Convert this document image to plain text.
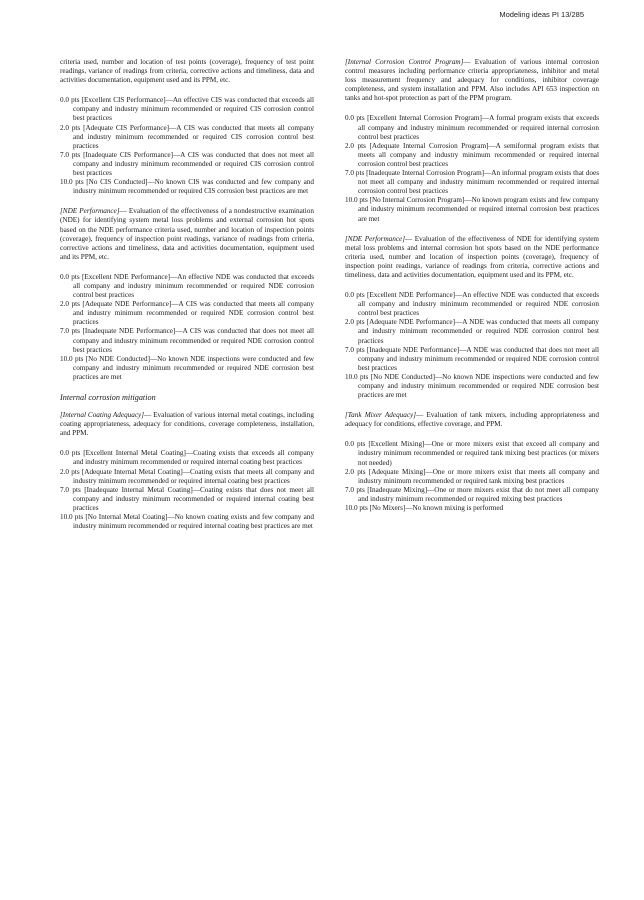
Modeling ideas PI 13/285

criteria used, number and location of test points (coverage), frequency of test point readings, variance of readings from criteria, corrective actions and timeliness, data and activities documentation, equipment used and its PPM, etc.

0.0 pts [Excellent CIS Performance]—An effective CIS was conducted that exceeds all company and industry minimum recommended or required CIS corrosion control best practices

2.0 pts [Adequate CIS Performance]—A CIS was conducted that meets all company and industry minimum recommended or required CIS corrosion control best practices

7.0 pts [Inadequate CIS Performance]—A CIS was conducted that does not meet all company and industry minimum recommended or required CIS corrosion control best practices

10.0 pts [No CIS Conducted]—No known CIS was conducted and few company and industry minimum recommended or required CIS corrosion best practices are met

[NDE Performance]— Evaluation of the effectiveness of a nondestructive examination (NDE) for identifying system metal loss problems and external corrosion hot spots based on the NDE performance criteria used, number and location of inspection points (coverage), frequency of inspection point readings, variance of readings from criteria, corrective actions and timeliness, data and activities documentation, equipment used and its PPM, etc.

0.0 pts [Excellent NDE Performance]—An effective NDE was conducted that exceeds all company and industry minimum recommended or required NDE corrosion control best practices

2.0 pts [Adequate NDE Performance]—A CIS was conducted that meets all company and industry minimum recommended or required NDE corrosion control best practices

7.0 pts [Inadequate NDE Performance]—A CIS was conducted that does not meet all company and industry minimum recommended or required NDE corrosion control best practices

10.0 pts [No NDE Conducted]—No known NDE inspections were conducted and few company and industry minimum recommended or required NDE corrosion best practices are met

Internal corrosion mitigation

[Internal Coating Adequacy]— Evaluation of various internal metal coatings, including coating appropriateness, adequacy for conditions, coverage completeness, installation, and PPM.

0.0 pts [Excellent Internal Metal Coating]—Coating exists that exceeds all company and industry minimum recommended or required internal coating best practices

2.0 pts [Adequate Internal Metal Coating]—Coating exists that meets all company and industry minimum recommended or required internal coating best practices

7.0 pts [Inadequate Internal Metal Coating]—Coating exists that does not meet all company and industry minimum recommended or required internal coating best practices

10.0 pts [No Internal Metal Coating]—No known coating exists and few company and industry minimum recommended or required internal coating best practices are met

[Internal Corrosion Control Program]— Evaluation of various internal corrosion control measures including performance criteria appropriateness, inhibitor and metal loss measurement frequency and adequacy for conditions, inhibitor coverage completeness, and system installation and PPM. Also includes API 653 inspection on tanks and hot-spot protection as part of the PPM program.

0.0 pts [Excellent Internal Corrosion Program]—A formal program exists that exceeds all company and industry minimum recommended or required internal corrosion control best practices

2.0 pts [Adequate Internal Corrosion Program]—A semiformal program exists that meets all company and industry minimum recommended or required internal corrosion control best practices

7.0 pts [Inadequate Internal Corrosion Program]—An informal program exists that does not meet all company and industry minimum recommended or required internal corrosion control best practices

10.0 pts [No Internal Corrosion Program]—No known program exists and few company and industry minimum recommended or required internal corrosion best practices are met

[NDE Performance]— Evaluation of the effectiveness of NDE for identifying system metal loss problems and internal corrosion hot spots based on the NDE performance criteria used, number and location of inspection points (coverage), frequency of inspection point readings, variance of readings from criteria, corrective actions and timeliness, data and activities documentation, equipment used and its PPM, etc.

0.0 pts [Excellent NDE Performance]—An effective NDE was conducted that exceeds all company and industry minimum recommended or required NDE corrosion control best practices

2.0 pts [Adequate NDE Performance]—A NDE was conducted that meets all company and industry minimum recommended or required NDE corrosion control best practices

7.0 pts [Inadequate NDE Performance]—A NDE was conducted that does not meet all company and industry minimum recommended or required NDE corrosion control best practices

10.0 pts [No NDE Conducted]—No known NDE inspections were conducted and few company and industry minimum recommended or required NDE corrosion best practices are met

[Tank Mixer Adequacy]— Evaluation of tank mixers, including appropriateness and adequacy for conditions, effective coverage, and PPM.

0.0 pts [Excellent Mixing]—One or more mixers exist that exceed all company and industry minimum recommended or required tank mixing best practices (or mixers not needed)

2.0 pts [Adequate Mixing]—One or more mixers exist that meets all company and industry minimum recommended or required tank mixing best practices

7.0 pts [Inadequate Mixing]—One or more mixers exist that do not meet all company and industry minimum recommended or required mixing best practices

10.0 pts [No Mixers]—No known mixing is performed
